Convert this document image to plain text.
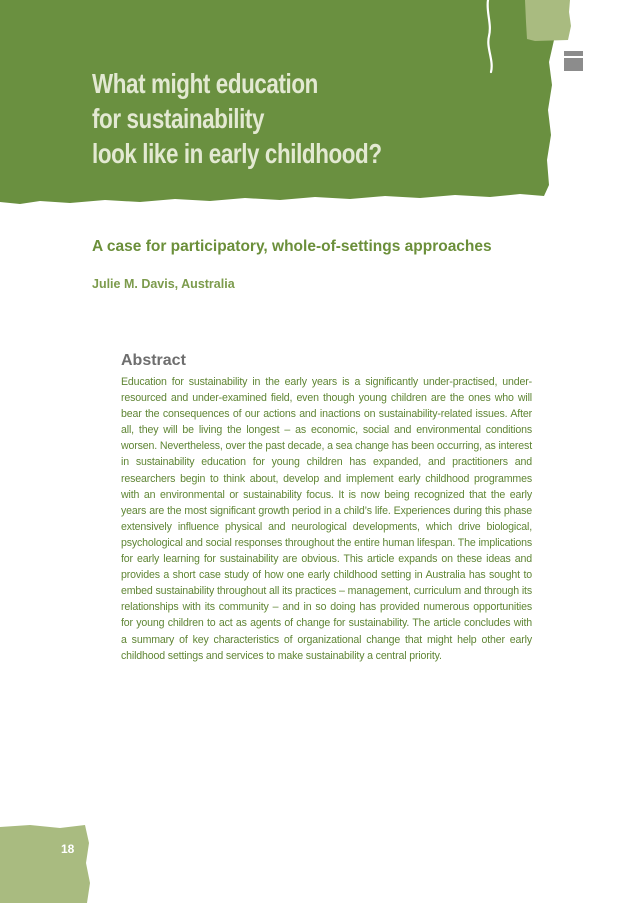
What might education
for sustainability
look like in early childhood?
A case for participatory, whole-of-settings approaches

Julie M. Davis, Australia

Abstract

Education for sustainability in the early years is a significantly under-practised, under-resourced and under-examined field, even though young children are the ones who will bear the consequences of our actions and inactions on sustainability-related issues. After all, they will be living the longest – as economic, social and environmental conditions worsen. Nevertheless, over the past decade, a sea change has been occurring, as interest in sustainability education for young children has expanded, and practitioners and researchers begin to think about, develop and implement early childhood programmes with an environmental or sustainability focus. It is now being recognized that the early years are the most significant growth period in a child’s life. Experiences during this phase extensively influence physical and neurological developments, which drive biological, psychological and social responses throughout the entire human lifespan. The implications for early learning for sustainability are obvious. This article expands on these ideas and provides a short case study of how one early childhood setting in Australia has sought to embed sustainability throughout all its practices – management, curriculum and through its relationships with its community – and in so doing has provided numerous opportunities for young children to act as agents of change for sustainability. The article concludes with a summary of key characteristics of organizational change that might help other early childhood settings and services to make sustainability a central priority.

18
